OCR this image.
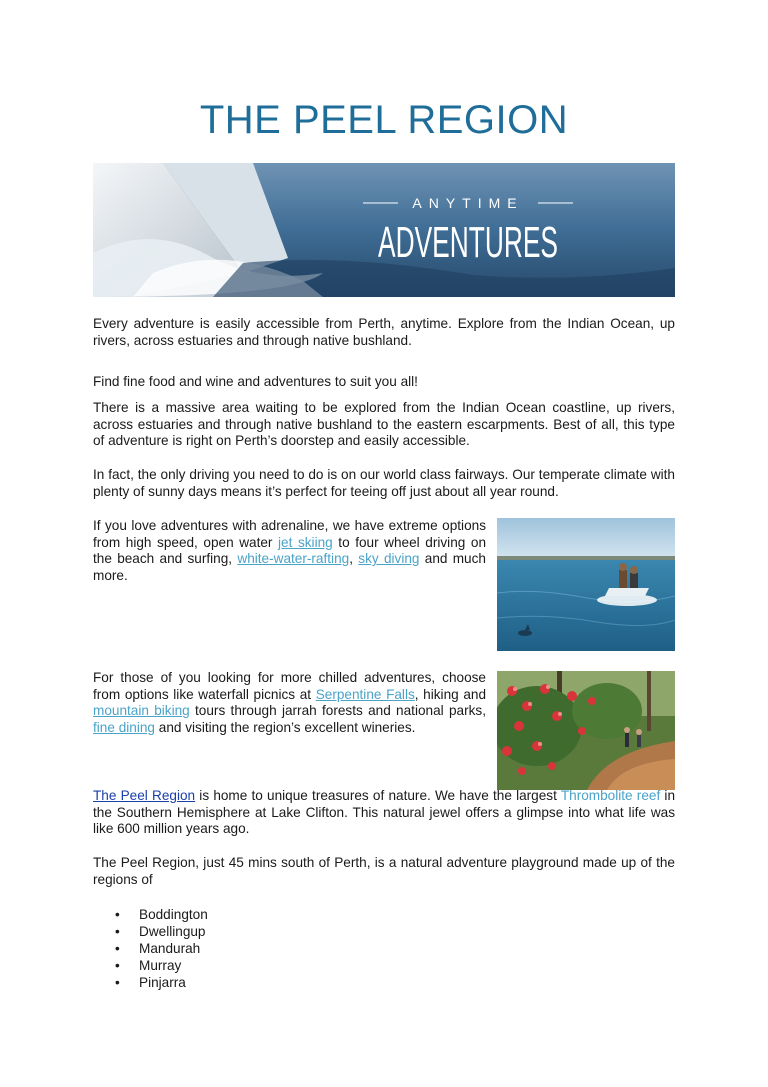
THE PEEL REGION
ANYTIME
ADVENTURES

Every adventure is easily accessible from Perth, anytime. Explore from the Indian Ocean, up rivers, across estuaries and through native bushland.

Find fine food and wine and adventures to suit you all!

There is a massive area waiting to be explored from the Indian Ocean coastline, up rivers, across estuaries and through native bushland to the eastern escarpments. Best of all, this type of adventure is right on Perth’s doorstep and easily accessible.

In fact, the only driving you need to do is on our world class fairways. Our temperate climate with plenty of sunny days means it’s perfect for teeing off just about all year round.

If you love adventures with adrenaline, we have extreme options from high speed, open water jet skiing to four wheel driving on the beach and surfing, white-water-rafting, sky diving and much more.

For those of you looking for more chilled adventures, choose from options like waterfall picnics at Serpentine Falls, hiking and mountain biking tours through jarrah forests and national parks, fine dining and visiting the region’s excellent wineries.

The Peel Region is home to unique treasures of nature. We have the largest Thrombolite reef in the Southern Hemisphere at Lake Clifton. This natural jewel offers a glimpse into what life was like 600 million years ago.

The Peel Region, just 45 mins south of Perth, is a natural adventure playground made up of the regions of

• Boddington
• Dwellingup
• Mandurah
• Murray
• Pinjarra
